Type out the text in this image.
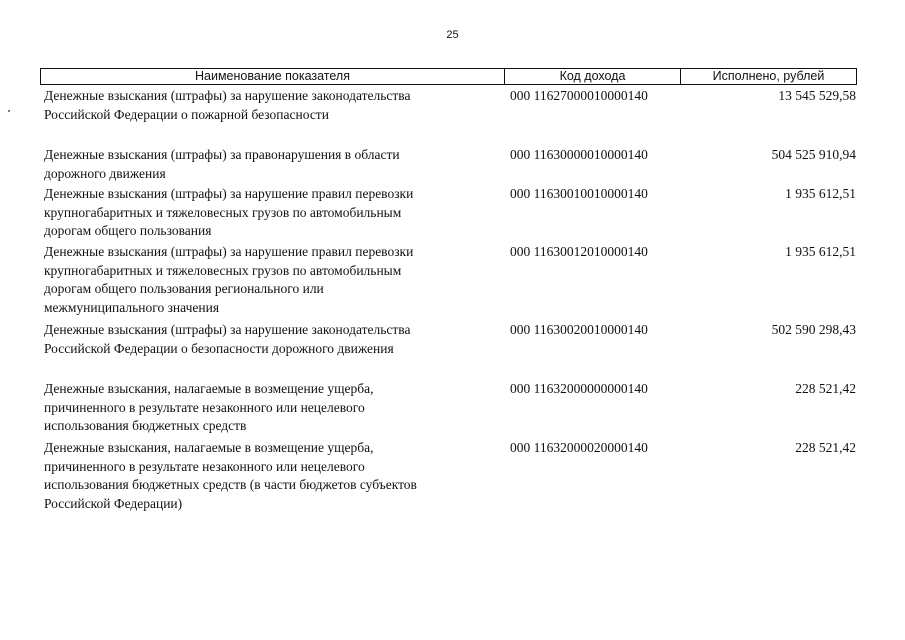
25
Наименование показателя	Код дохода	Исполнено, рублей
Денежные взыскания (штрафы) за нарушение законодательства
Российской Федерации о пожарной безопасности
000 11627000010000140	13 545 529,58
Денежные взыскания (штрафы) за правонарушения в области
дорожного движения
000 11630000010000140	504 525 910,94
Денежные взыскания (штрафы) за нарушение правил перевозки
крупногабаритных и тяжеловесных грузов по автомобильным
дорогам общего пользования
000 11630010010000140	1 935 612,51
Денежные взыскания (штрафы) за нарушение правил перевозки
крупногабаритных и тяжеловесных грузов по автомобильным
дорогам общего пользования регионального или
межмуниципального значения
000 11630012010000140	1 935 612,51
Денежные взыскания (штрафы) за нарушение законодательства
Российской Федерации о безопасности дорожного движения
000 11630020010000140	502 590 298,43
Денежные взыскания, налагаемые в возмещение ущерба,
причиненного в результате незаконного или нецелевого
использования бюджетных средств
000 11632000000000140	228 521,42
Денежные взыскания, налагаемые в возмещение ущерба,
причиненного в результате незаконного или нецелевого
использования бюджетных средств (в части бюджетов субъектов
Российской Федерации)
000 11632000020000140	228 521,42
